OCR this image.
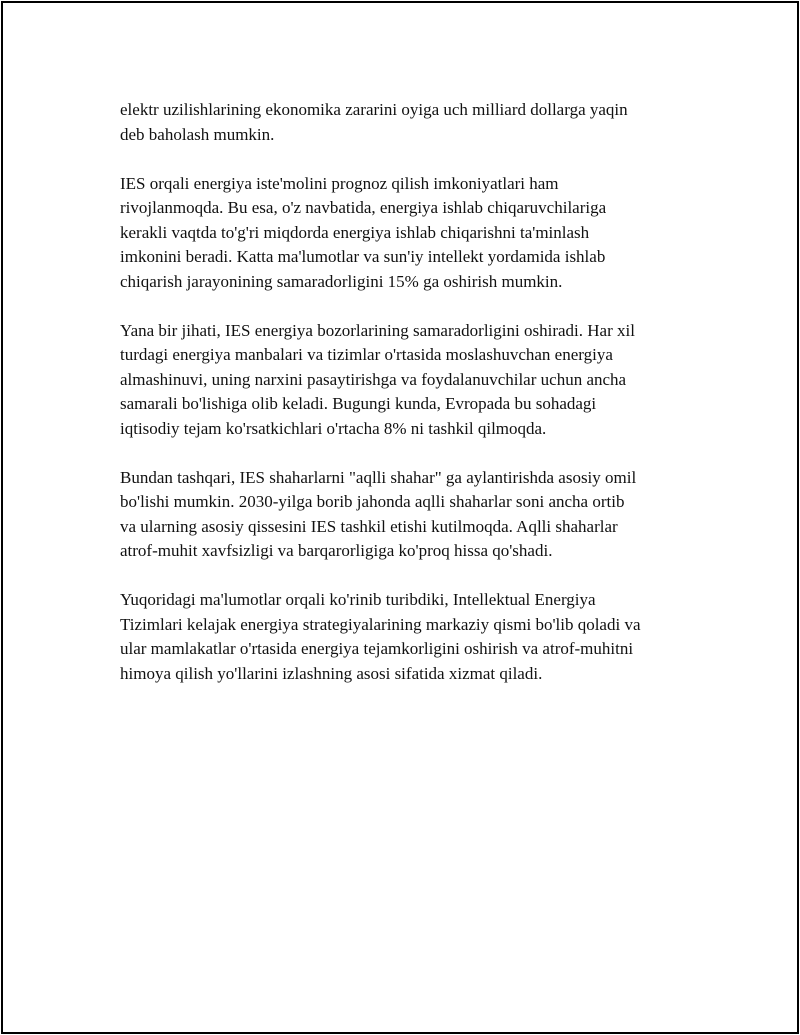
elektr uzilishlarining ekonomika zararini oyiga uch milliard dollarga yaqin

deb baholash mumkin.

IES orqali energiya iste'molini prognoz qilish imkoniyatlari ham

rivojlanmoqda. Bu esa, o'z navbatida, energiya ishlab chiqaruvchilariga

kerakli vaqtda to'g'ri miqdorda energiya ishlab chiqarishni ta'minlash

imkonini beradi. Katta ma'lumotlar va sun'iy intellekt yordamida ishlab

chiqarish jarayonining samaradorligini 15% ga oshirish mumkin.

Yana bir jihati, IES energiya bozorlarining samaradorligini oshiradi. Har xil

turdagi energiya manbalari va tizimlar o'rtasida moslashuvchan energiya

almashinuvi, uning narxini pasaytirishga va foydalanuvchilar uchun ancha

samarali bo'lishiga olib keladi. Bugungi kunda, Evropada bu sohadagi

iqtisodiy tejam ko'rsatkichlari o'rtacha 8% ni tashkil qilmoqda.

Bundan tashqari, IES shaharlarni "aqlli shahar" ga aylantirishda asosiy omil

bo'lishi mumkin. 2030-yilga borib jahonda aqlli shaharlar soni ancha ortib

va ularning asosiy qissesini IES tashkil etishi kutilmoqda. Aqlli shaharlar

atrof-muhit xavfsizligi va barqarorligiga ko'proq hissa qo'shadi.

Yuqoridagi ma'lumotlar orqali ko'rinib turibdiki, Intellektual Energiya

Tizimlari kelajak energiya strategiyalarining markaziy qismi bo'lib qoladi va

ular mamlakatlar o'rtasida energiya tejamkorligini oshirish va atrof-muhitni

himoya qilish yo'llarini izlashning asosi sifatida xizmat qiladi.
